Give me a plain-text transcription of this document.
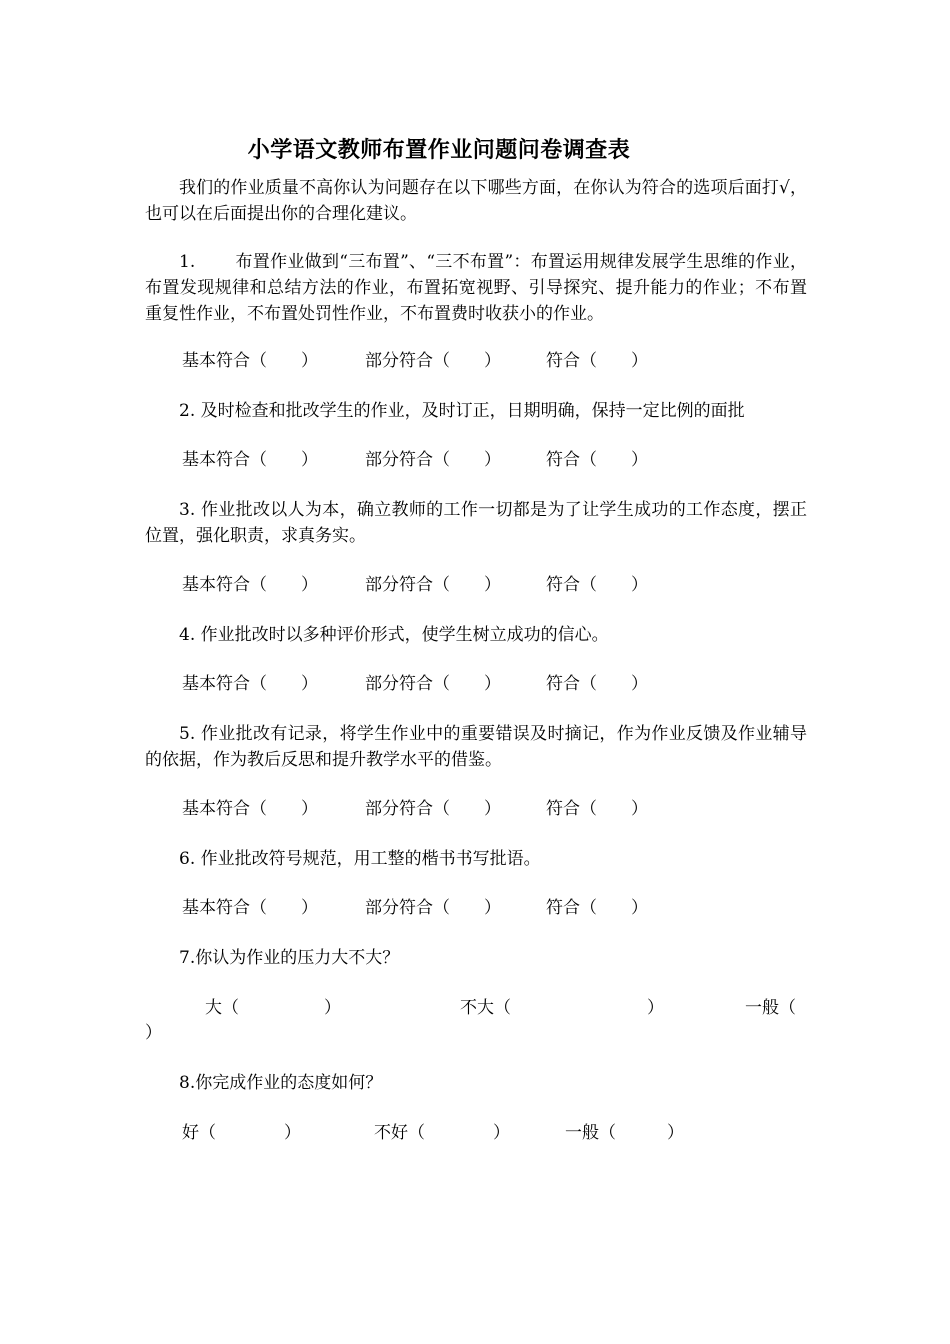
小学语文教师布置作业问题问卷调查表
我们的作业质量不高你认为问题存在以下哪些方面，在你认为符合的选项后面打√，也可以在后面提出你的合理化建议。
1. 布置作业做到“三布置”、“三不布置”：布置运用规律发展学生思维的作业，布置发现规律和总结方法的作业，布置拓宽视野、引导探究、提升能力的作业；不布置重复性作业，不布置处罚性作业，不布置费时收获小的作业。
基本符合（　　）	部分符合（　　）	符合（　　）
2. 及时检查和批改学生的作业，及时订正，日期明确，保持一定比例的面批
基本符合（　　）	部分符合（　　）	符合（　　）
3. 作业批改以人为本，确立教师的工作一切都是为了让学生成功的工作态度，摆正位置，强化职责，求真务实。
基本符合（　　）	部分符合（　　）	符合（　　）
4. 作业批改时以多种评价形式，使学生树立成功的信心。
基本符合（　　）	部分符合（　　）	符合（　　）
5. 作业批改有记录，将学生作业中的重要错误及时摘记，作为作业反馈及作业辅导的依据，作为教后反思和提升教学水平的借鉴。
基本符合（　　）	部分符合（　　）	符合（　　）
6. 作业批改符号规范，用工整的楷书书写批语。
基本符合（　　）	部分符合（　　）	符合（　　）
7.你认为作业的压力大不大？
大（　　　　　）	不大（　　　　　　　　）	一般（
）
8.你完成作业的态度如何？
好（　　　　）	不好（　　　　）	一般（　　　）
